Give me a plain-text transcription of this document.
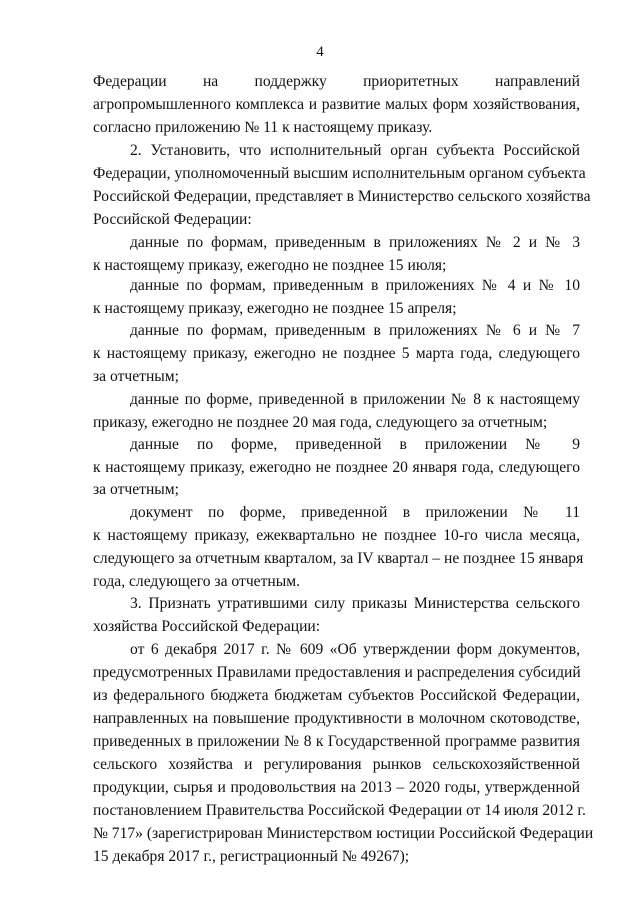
4
Федерации на поддержку приоритетных направлений
агропромышленного комплекса и развитие малых форм хозяйствования,
согласно приложению № 11 к настоящему приказу.
2. Установить, что исполнительный орган субъекта Российской
Федерации, уполномоченный высшим исполнительным органом субъекта
Российской Федерации, представляет в Министерство сельского хозяйства
Российской Федерации:
данные по формам, приведенным в приложениях № 2 и № 3
к настоящему приказу, ежегодно не позднее 15 июля;
данные по формам, приведенным в приложениях № 4 и № 10
к настоящему приказу, ежегодно не позднее 15 апреля;
данные по формам, приведенным в приложениях № 6 и № 7
к настоящему приказу, ежегодно не позднее 5 марта года, следующего
за отчетным;
данные по форме, приведенной в приложении № 8 к настоящему
приказу, ежегодно не позднее 20 мая года, следующего за отчетным;
данные по форме, приведенной в приложении № 9
к настоящему приказу, ежегодно не позднее 20 января года, следующего
за отчетным;
документ по форме, приведенной в приложении № 11
к настоящему приказу, ежеквартально не позднее 10-го числа месяца,
следующего за отчетным кварталом, за IV квартал – не позднее 15 января
года, следующего за отчетным.
3. Признать утратившими силу приказы Министерства сельского
хозяйства Российской Федерации:
от 6 декабря 2017 г. № 609 «Об утверждении форм документов,
предусмотренных Правилами предоставления и распределения субсидий
из федерального бюджета бюджетам субъектов Российской Федерации,
направленных на повышение продуктивности в молочном скотоводстве,
приведенных в приложении № 8 к Государственной программе развития
сельского хозяйства и регулирования рынков сельскохозяйственной
продукции, сырья и продовольствия на 2013 – 2020 годы, утвержденной
постановлением Правительства Российской Федерации от 14 июля 2012 г.
№ 717» (зарегистрирован Министерством юстиции Российской Федерации
15 декабря 2017 г., регистрационный № 49267);
